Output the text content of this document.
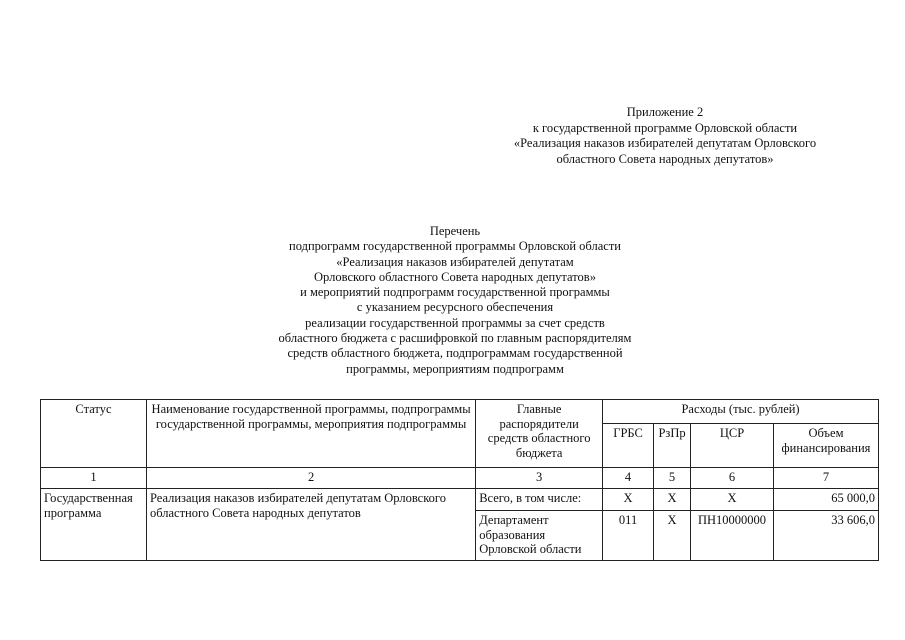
Приложение 2
к государственной программе Орловской области
«Реализация наказов избирателей депутатам Орловского
областного Совета народных депутатов»
Перечень
подпрограмм государственной программы Орловской области
«Реализация наказов избирателей депутатам
Орловского областного Совета народных депутатов»
и мероприятий подпрограмм государственной программы
с указанием ресурсного обеспечения
реализации государственной программы за счет средств
областного бюджета с расшифровкой по главным распорядителям
средств областного бюджета, подпрограммам государственной
программы, мероприятиям подпрограмм
Статус	Наименование государственной программы, подпрограммы государственной программы, мероприятия подпрограммы	Главные распорядители средств областного бюджета	Расходы (тыс. рублей)			
			ГРБС	РзПр	ЦСР	Объем финансирования
1	2	3	4	5	6	7
Государственная программа	Реализация наказов избирателей депутатам Орловского областного Совета народных депутатов	Всего, в том числе:	Х	Х	Х	65 000,0
		Департамент образования Орловской области	011	Х	ПН10000000	33 606,0
